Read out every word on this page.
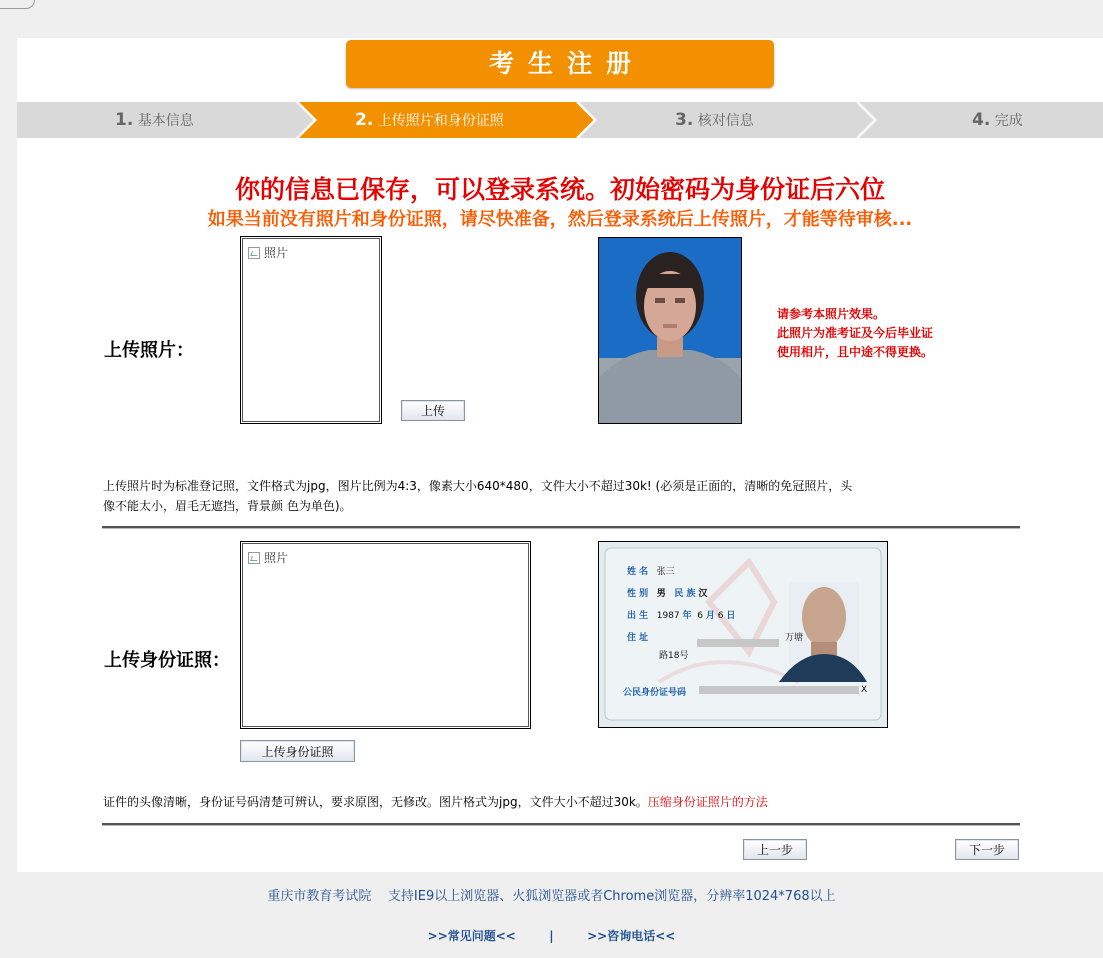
考生注册
1. 基本信息	2. 上传照片和身份证照	3. 核对信息	4. 完成
你的信息已保存，可以登录系统。初始密码为身份证后六位
如果当前没有照片和身份证照，请尽快准备，然后登录系统后上传照片，才能等待审核...
上传照片：
照片
上传
请参考本照片效果。
此照片为准考证及今后毕业证
使用相片，且中途不得更换。
上传照片时为标准登记照，文件格式为jpg，图片比例为4:3，像素大小640*480，文件大小不超过30k! (必须是正面的，清晰的免冠照片，头
像不能太小，眉毛无遮挡，背景颜 色为单色)。
上传身份证照：
照片
上传身份证照
姓 名 张三
性 别 男 民 族 汉
出 生 1987 年 6 月 6 日
住 址	万塘
路18号
公民身份证号码	X
证件的头像清晰，身份证号码清楚可辨认，要求原图，无修改。图片格式为jpg，文件大小不超过30k。压缩身份证照片的方法
上一步	下一步
重庆市教育考试院 支持IE9以上浏览器、火狐浏览器或者Chrome浏览器，分辨率1024*768以上
>>常见问题<<	|	>>咨询电话<<
